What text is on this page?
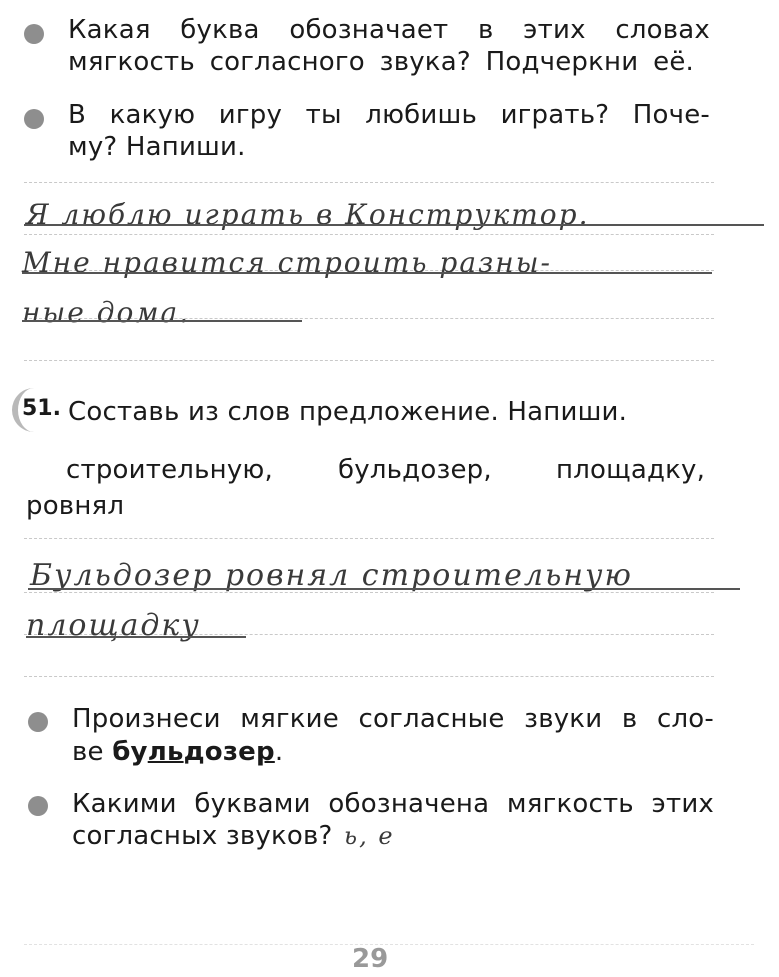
Какая буква обозначает в этих словах
мягкость согласного звука? Подчеркни её.
В какую игру ты любишь играть? Поче-
му? Напиши.
Я люблю играть в Конструктор.
Мне нравится строить разны-
ные дома.
51. Составь из слов предложение. Напиши.
строительную,	бульдозер, площадку,
ровнял
Бульдозер ровнял строительную
площадку
Произнеси мягкие согласные звуки в сло-
ве бульдозер.
Какими буквами обозначена мягкость этих
согласных звуков? ь, е
29
